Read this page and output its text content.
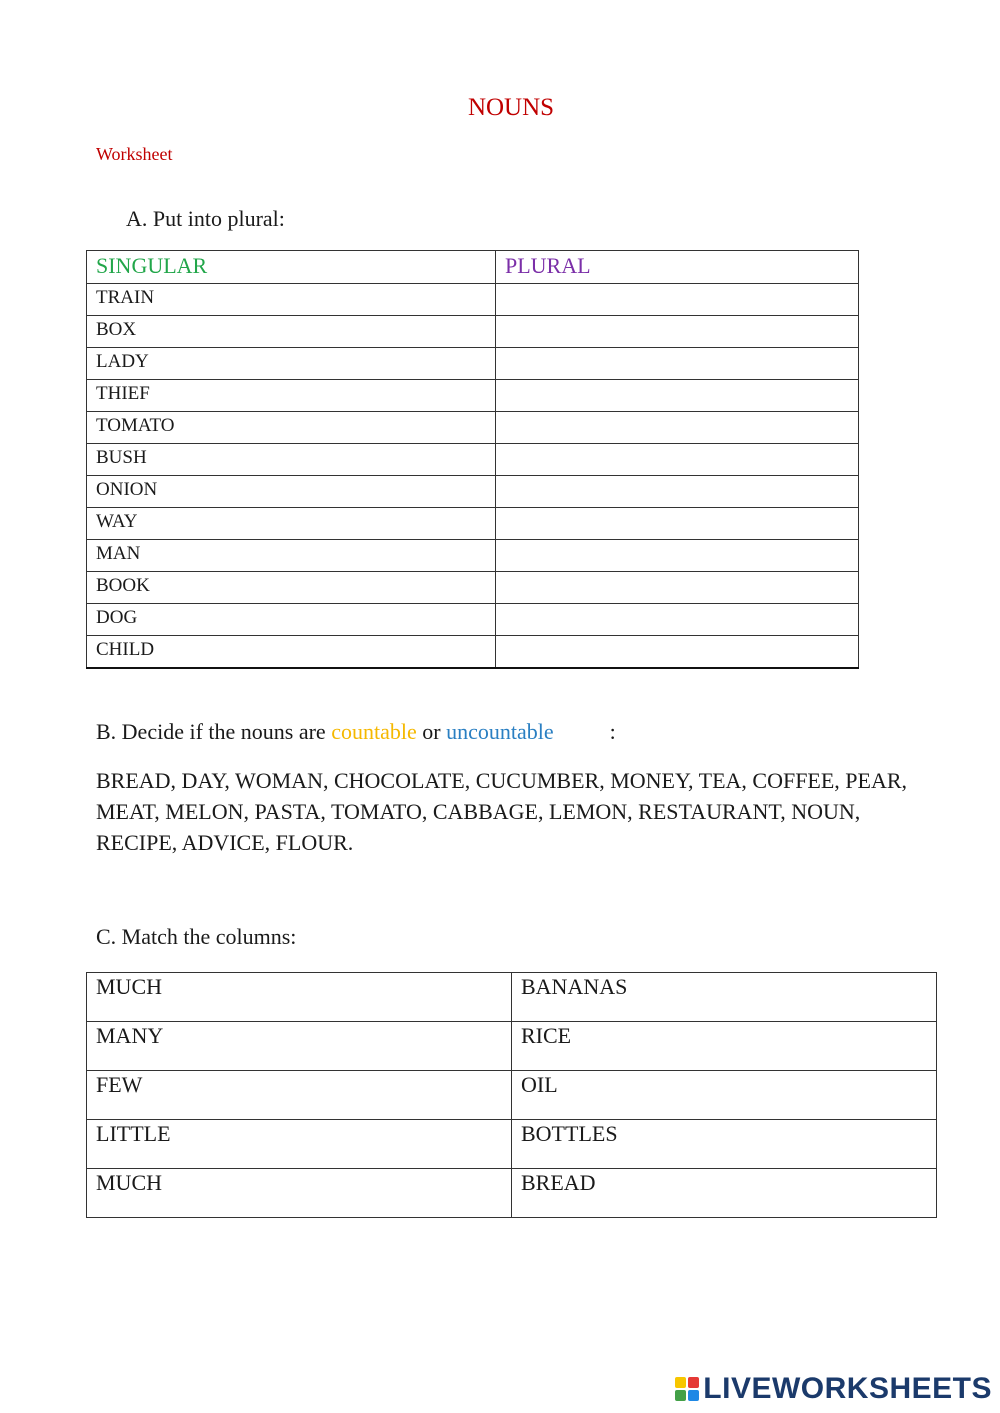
NOUNS
Worksheet
A. Put into plural:
SINGULAR	PLURAL
TRAIN	
BOX	
LADY	
THIEF	
TOMATO	
BUSH	
ONION	
WAY	
MAN	
BOOK	
DOG	
CHILD	
B. Decide if the nouns are countable or uncountable	:
BREAD, DAY, WOMAN, CHOCOLATE, CUCUMBER, MONEY, TEA, COFFEE, PEAR, MEAT, MELON, PASTA, TOMATO, CABBAGE, LEMON, RESTAURANT, NOUN, RECIPE, ADVICE, FLOUR.
C. Match the columns:
MUCH	BANANAS
MANY	RICE
FEW	OIL
LITTLE	BOTTLES
MUCH	BREAD
LIVEWORKSHEETS
